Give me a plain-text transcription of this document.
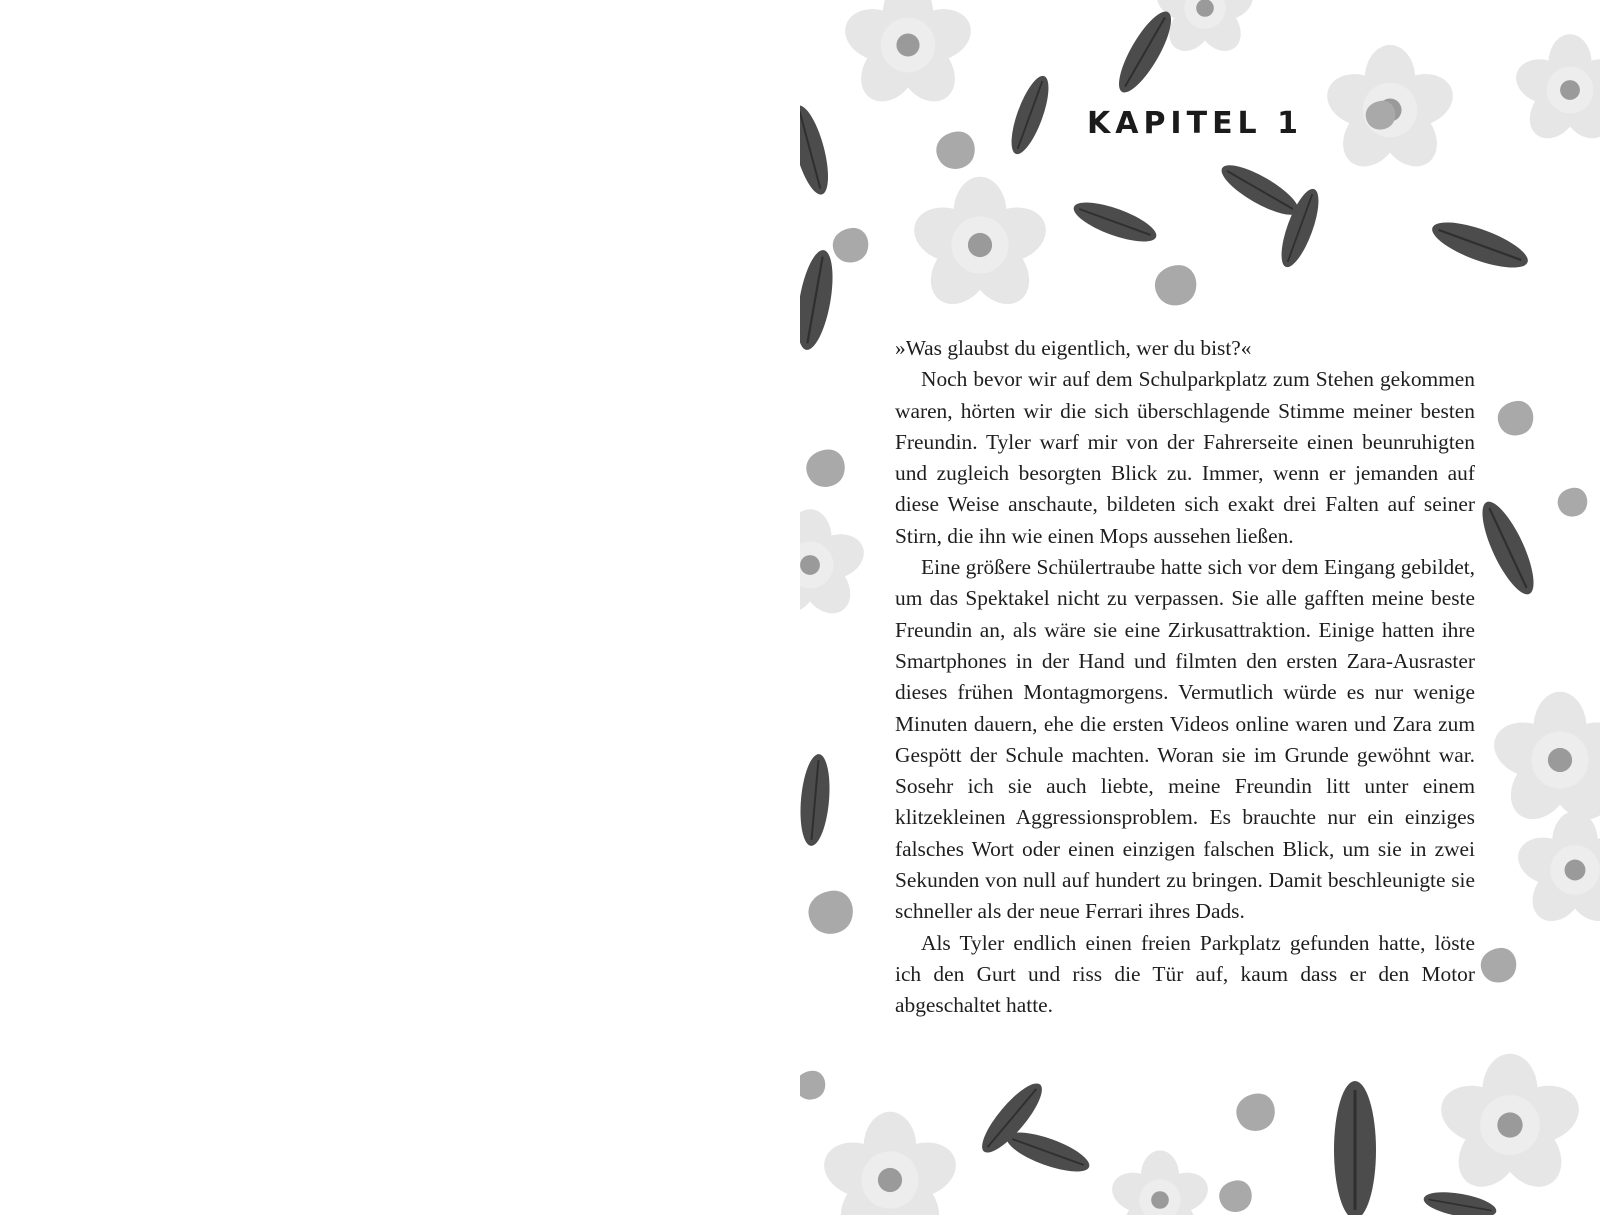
KAPITEL 1

»Was glaubst du eigentlich, wer du bist?«

Noch bevor wir auf dem Schulparkplatz zum Stehen gekommen waren, hörten wir die sich überschlagende Stimme meiner besten Freundin. Tyler warf mir von der Fahrerseite einen beunruhigten und zugleich besorgten Blick zu. Immer, wenn er jemanden auf diese Weise anschaute, bildeten sich exakt drei Falten auf seiner Stirn, die ihn wie einen Mops aussehen ließen.

Eine größere Schülertraube hatte sich vor dem Eingang gebildet, um das Spektakel nicht zu verpassen. Sie alle gafften meine beste Freundin an, als wäre sie eine Zirkusattraktion. Einige hatten ihre Smartphones in der Hand und filmten den ersten Zara-Ausraster dieses frühen Montagmorgens. Vermutlich würde es nur wenige Minuten dauern, ehe die ersten Videos online waren und Zara zum Gespött der Schule machten. Woran sie im Grunde gewöhnt war. Sosehr ich sie auch liebte, meine Freundin litt unter einem klitzekleinen Aggressionsproblem. Es brauchte nur ein einziges falsches Wort oder einen einzigen falschen Blick, um sie in zwei Sekunden von null auf hundert zu bringen. Damit beschleunigte sie schneller als der neue Ferrari ihres Dads.

Als Tyler endlich einen freien Parkplatz gefunden hatte, löste ich den Gurt und riss die Tür auf, kaum dass er den Motor abgeschaltet hatte.
